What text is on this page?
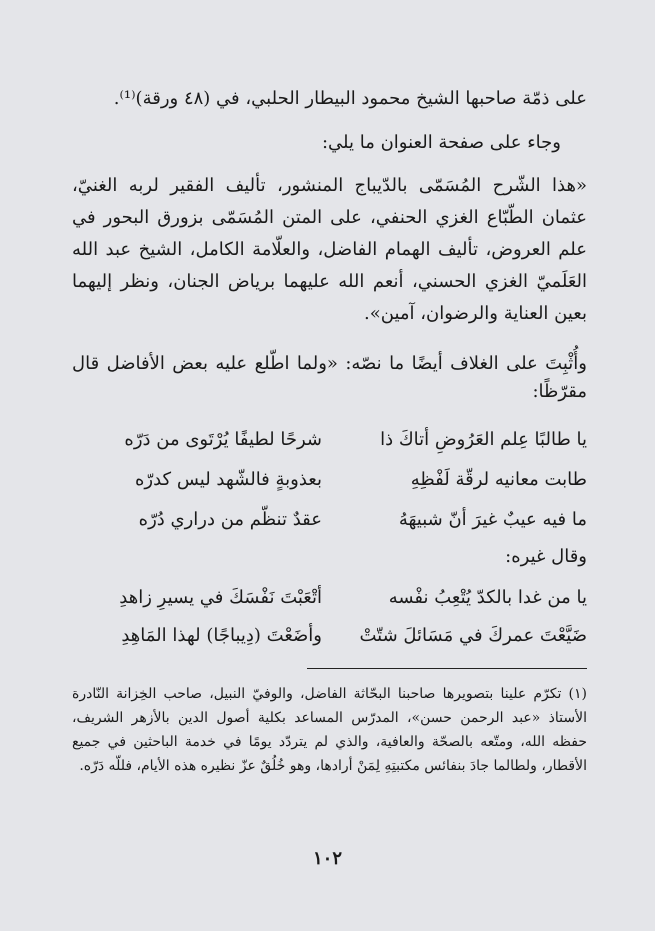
على ذمّة صاحبها الشيخ محمود البيطار الحلبي، في (٤٨ ورقة)⁽¹⁾.
وجاء على صفحة العنوان ما يلي:
«هذا الشّرح المُسَمّى بالدّيباج المنشور، تأليف الفقير لربه الغنيّ، عثمان الطّبّاع الغزي الحنفي، على المتن المُسَمّى بزورق البحور في علم العروض، تأليف الهمام الفاضل، والعلّامة الكامل، الشيخ عبد الله العَلَميّ الغزي الحسني، أنعم الله عليهما برياض الجنان، ونظر إليهما بعين العناية والرضوان، آمين».
وأُثْبِتَ على الغلاف أيضًا ما نصّه: «ولما اطّلع عليه بعض الأفاضل قال مقرّظًا:
يا طالبًا عِلم العَرُوضِ أتاكَ ذا
شرحًا لطيفًا يُرْتَوى من دَرّه
طابت معانيه لرقّة لَفْظِهِ
بعذوبةٍ فالشّهد ليس كدرّه
ما فيه عيبٌ غيرَ أنّ شبيهَهُ
عقدٌ تنظّم من دراري دُرّه
وقال غيره:
يا من غدا بالكدّ يُتْعِبُ نفْسه
أتْعَبْتَ نَفْسَكَ في يسيرِ زاهدِ
ضَيَّعْتَ عمركَ في مَسَائلَ شتّتْ
وأضَعْتَ (دِيباجًا) لهذا المَاهِدِ
(١) تكرّم علينا بتصويرها صاحبنا البحّاثة الفاضل، والوفيّ النبيل، صاحب الخِزانة النّادرة الأستاذ «عبد الرحمن حسن»، المدرّس المساعد بكلية أصول الدين بالأزهر الشريف، حفظه الله، ومتّعه بالصحّة والعافية، والذي لم يتردّد يومًا في خدمة الباحثين في جميع الأقطار، ولطالما جادَ بنفائس مكتبتِهِ لِمَنْ أرادها، وهو خُلُقٌ عزّ نظيره هذه الأيام، فللّه دَرّه.
١٠٢
